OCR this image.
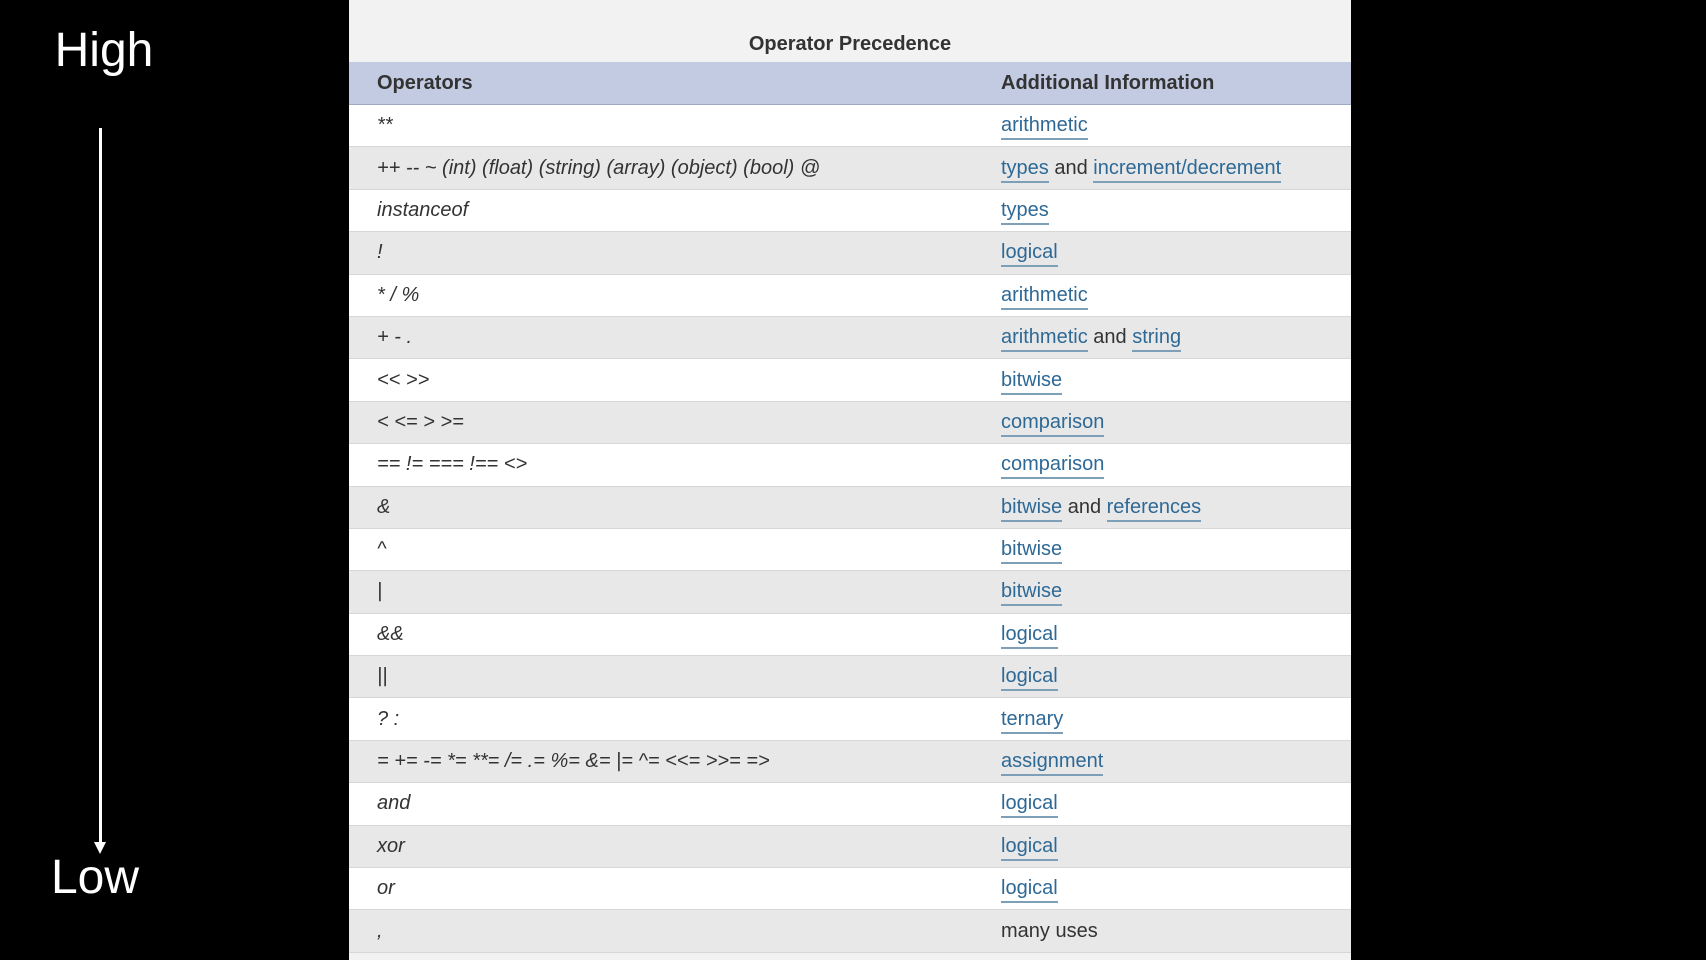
High
Low
Operator Precedence
Operators	Additional Information
**	arithmetic
++ -- ~ (int) (float) (string) (array) (object) (bool) @	types and increment/decrement
instanceof	types
!	logical
* / %	arithmetic
+ - .	arithmetic and string
<< >>	bitwise
< <= > >=	comparison
== != === !== <>	comparison
&	bitwise and references
^	bitwise
|	bitwise
&&	logical
||	logical
? :	ternary
= += -= *= **= /= .= %= &= |= ^= <<= >>= =>	assignment
and	logical
xor	logical
or	logical
,	many uses
